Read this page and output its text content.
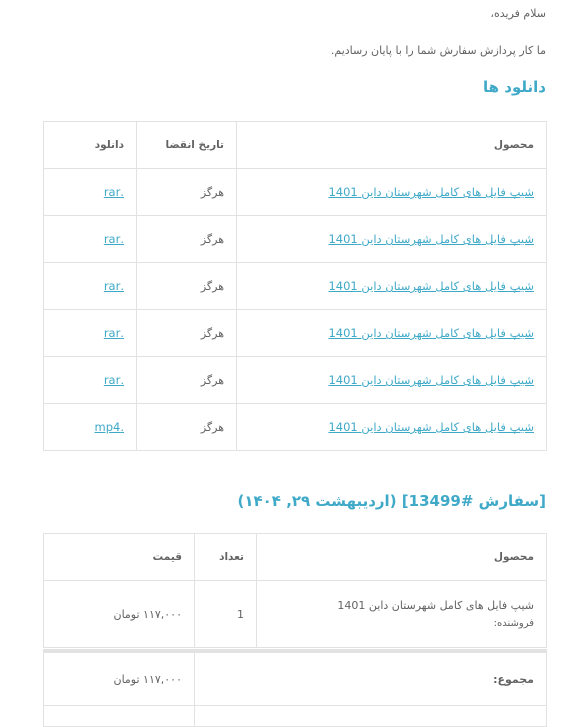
سلام فریده،
ما کار پردازش سفارش شما را با پایان رسادیم.
دانلود ها
محصول	تاریخ انقضا	دانلود
شیپ فایل های کامل شهرستان داین 1401	هرگز	.rar
شیپ فایل های کامل شهرستان داین 1401	هرگز	.rar
شیپ فایل های کامل شهرستان داین 1401	هرگز	.rar
شیپ فایل های کامل شهرستان داین 1401	هرگز	.rar
شیپ فایل های کامل شهرستان داین 1401	هرگز	.rar
شیپ فایل های کامل شهرستان داین 1401	هرگز	.mp4
[سفارش #13499] (اردیبهشت ۲۹, ۱۴۰۴)
محصول	تعداد	قیمت
شیپ فایل های کامل شهرستان داین 1401
فروشنده:	1	۱۱۷,۰۰۰ تومان
مجموع:	۱۱۷,۰۰۰ تومان
